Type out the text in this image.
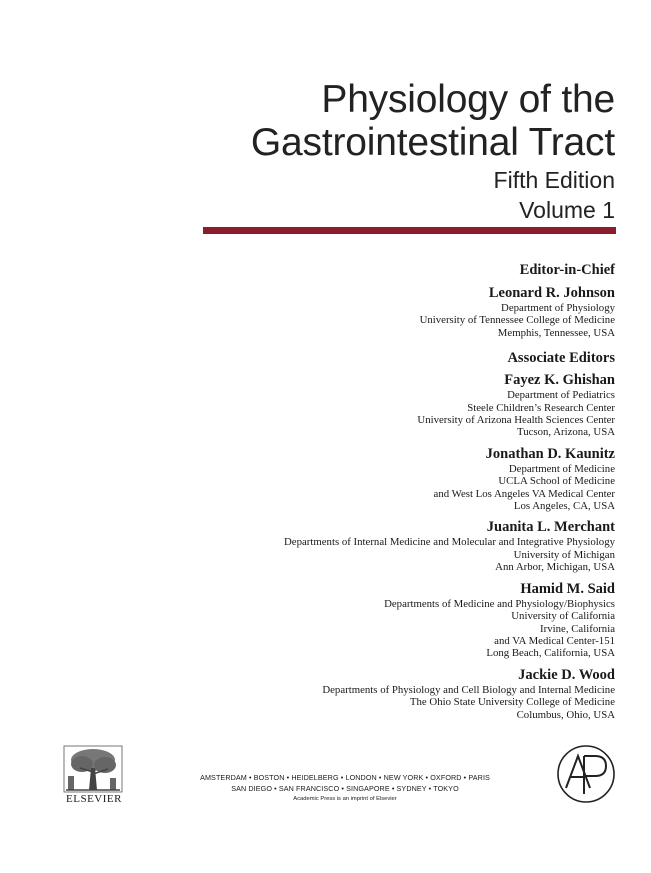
Physiology of the
Gastrointestinal Tract
Fifth Edition
Volume 1
Editor-in-Chief
Leonard R. Johnson
Department of Physiology
University of Tennessee College of Medicine
Memphis, Tennessee, USA
Associate Editors
Fayez K. Ghishan
Department of Pediatrics
Steele Children’s Research Center
University of Arizona Health Sciences Center
Tucson, Arizona, USA
Jonathan D. Kaunitz
Department of Medicine
UCLA School of Medicine
and West Los Angeles VA Medical Center
Los Angeles, CA, USA
Juanita L. Merchant
Departments of Internal Medicine and Molecular and Integrative Physiology
University of Michigan
Ann Arbor, Michigan, USA
Hamid M. Said
Departments of Medicine and Physiology/Biophysics
University of California
Irvine, California
and VA Medical Center-151
Long Beach, California, USA
Jackie D. Wood
Departments of Physiology and Cell Biology and Internal Medicine
The Ohio State University College of Medicine
Columbus, Ohio, USA
ELSEVIER
AMSTERDAM • BOSTON • HEIDELBERG • LONDON • NEW YORK • OXFORD • PARIS
SAN DIEGO • SAN FRANCISCO • SINGAPORE • SYDNEY • TOKYO
Academic Press is an imprint of Elsevier
